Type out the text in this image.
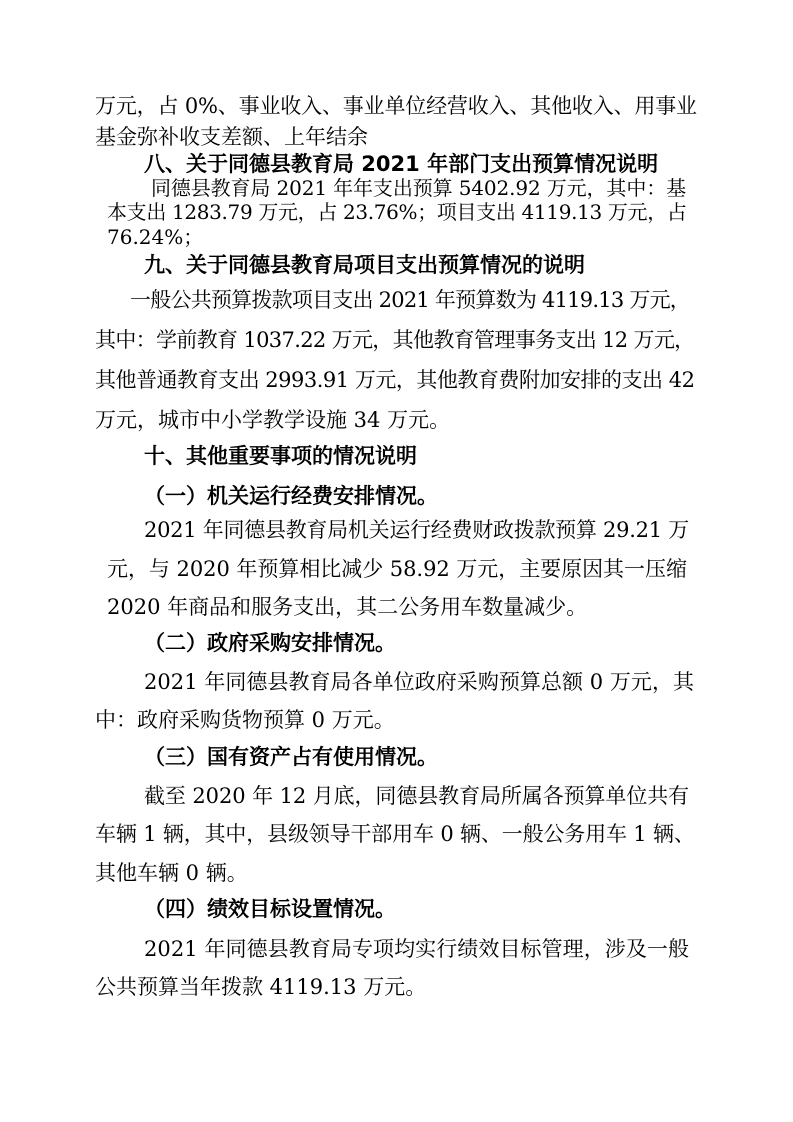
万元，占 0%、事业收入、事业单位经营收入、其他收入、用事业

基金弥补收支差额、上年结余

八、关于同德县教育局 2021 年部门支出预算情况说明

同德县教育局 2021 年年支出预算 5402.92 万元，其中：基

本支出 1283.79 万元，占 23.76%；项目支出 4119.13 万元，占

76.24%；

九、关于同德县教育局项目支出预算情况的说明

一般公共预算拨款项目支出 2021 年预算数为 4119.13 万元，

其中：学前教育 1037.22 万元，其他教育管理事务支出 12 万元，

其他普通教育支出 2993.91 万元，其他教育费附加安排的支出 42

万元，城市中小学教学设施 34 万元。

十、其他重要事项的情况说明
（一）机关运行经费安排情况。

2021 年同德县教育局机关运行经费财政拨款预算 29.21 万

元，与 2020 年预算相比减少 58.92 万元，主要原因其一压缩

2020 年商品和服务支出，其二公务用车数量减少。

（二）政府采购安排情况。

2021 年同德县教育局各单位政府采购预算总额 0 万元，其

中：政府采购货物预算 0 万元。

（三）国有资产占有使用情况。

截至 2020 年 12 月底，同德县教育局所属各预算单位共有

车辆 1 辆，其中，县级领导干部用车 0 辆、一般公务用车 1 辆、

其他车辆 0 辆。

（四）绩效目标设置情况。

2021 年同德县教育局专项均实行绩效目标管理，涉及一般

公共预算当年拨款 4119.13 万元。
